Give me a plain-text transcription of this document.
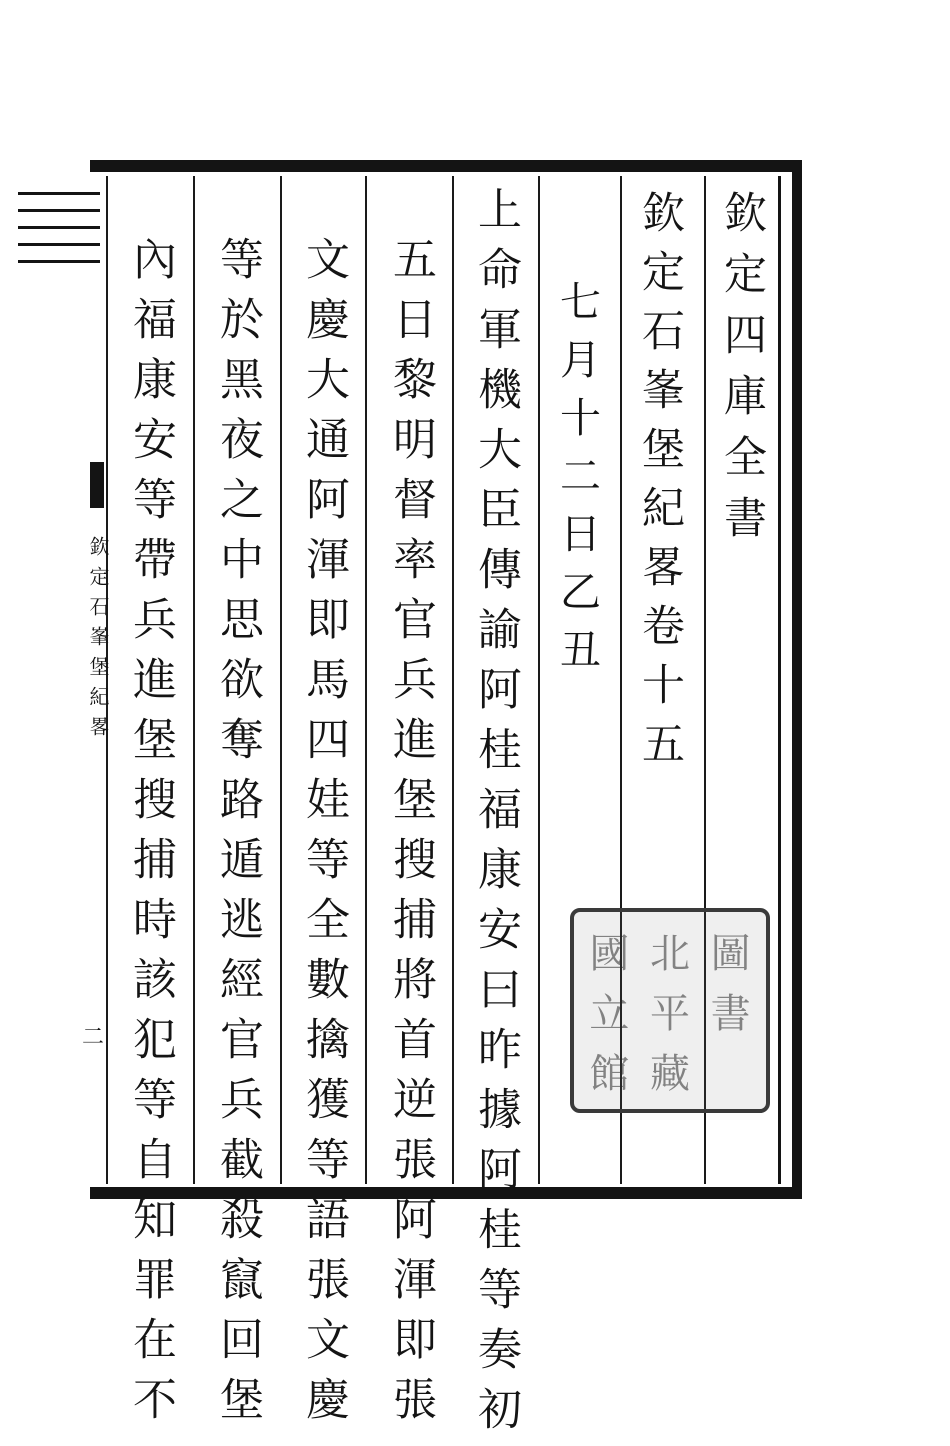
欽定石峯堡紀畧
二
欽定四庫全書
欽定石峯堡紀畧卷十五
七月十二日乙丑
上命軍機大臣傳諭阿桂福康安曰昨據阿桂等奏初
五日黎明督率官兵進堡搜捕將首逆張阿渾即張
文慶大通阿渾即馬四娃等全數擒獲等語張文慶
等於黑夜之中思欲奪路遁逃經官兵截殺竄回堡
內福康安等帶兵進堡搜捕時該犯等自知罪在不	國 北 圖
立 平 書
館 藏
